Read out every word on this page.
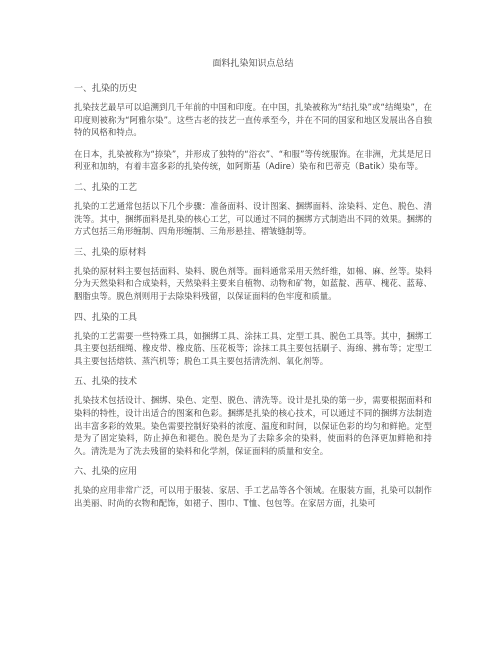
面料扎染知识点总结
一、扎染的历史

扎染技艺最早可以追溯到几千年前的中国和印度。在中国，扎染被称为“结扎染”或“结绳染”，在印度则被称为“阿雅尔染”。这些古老的技艺一直传承至今，并在不同的国家和地区发展出各自独特的风格和特点。

在日本，扎染被称为“捺染”，并形成了独特的“浴衣”、“和服”等传统服饰。在非洲，尤其是尼日利亚和加纳，有着丰富多彩的扎染传统，如阿斯基（Adire）染布和巴蒂克（Batik）染布等。

二、扎染的工艺

扎染的工艺通常包括以下几个步骤：准备面料、设计图案、捆绑面料、涂染料、定色、脱色、清洗等。其中，捆绑面料是扎染的核心工艺，可以通过不同的捆绑方式制造出不同的效果。捆绑的方式包括三角形缠制、四角形缠制、三角形悬挂、褶皱缝制等。

三、扎染的原材料

扎染的原材料主要包括面料、染料、脱色剂等。面料通常采用天然纤维，如棉、麻、丝等。染料分为天然染料和合成染料，天然染料主要来自植物、动物和矿物，如蓝靛、茜草、槐花、蓝莓、胭脂虫等。脱色剂则用于去除染料残留，以保证面料的色牢度和质量。

四、扎染的工具

扎染的工艺需要一些特殊工具，如捆绑工具、涂抹工具、定型工具、脱色工具等。其中，捆绑工具主要包括细绳、橡皮带、橡皮筋、压花板等；涂抹工具主要包括刷子、海绵、拂布等；定型工具主要包括熔铁、蒸汽机等；脱色工具主要包括清洗剂、氧化剂等。

五、扎染的技术

扎染技术包括设计、捆绑、染色、定型、脱色、清洗等。设计是扎染的第一步，需要根据面料和染料的特性，设计出适合的图案和色彩。捆绑是扎染的核心技术，可以通过不同的捆绑方法制造出丰富多彩的效果。染色需要控制好染料的浓度、温度和时间，以保证色彩的均匀和鲜艳。定型是为了固定染料，防止掉色和褪色。脱色是为了去除多余的染料，使面料的色泽更加鲜艳和持久。清洗是为了洗去残留的染料和化学剂，保证面料的质量和安全。

六、扎染的应用

扎染的应用非常广泛，可以用于服装、家居、手工艺品等各个领域。在服装方面，扎染可以制作出美丽、时尚的衣物和配饰，如裙子、围巾、T恤、包包等。在家居方面，扎染可
